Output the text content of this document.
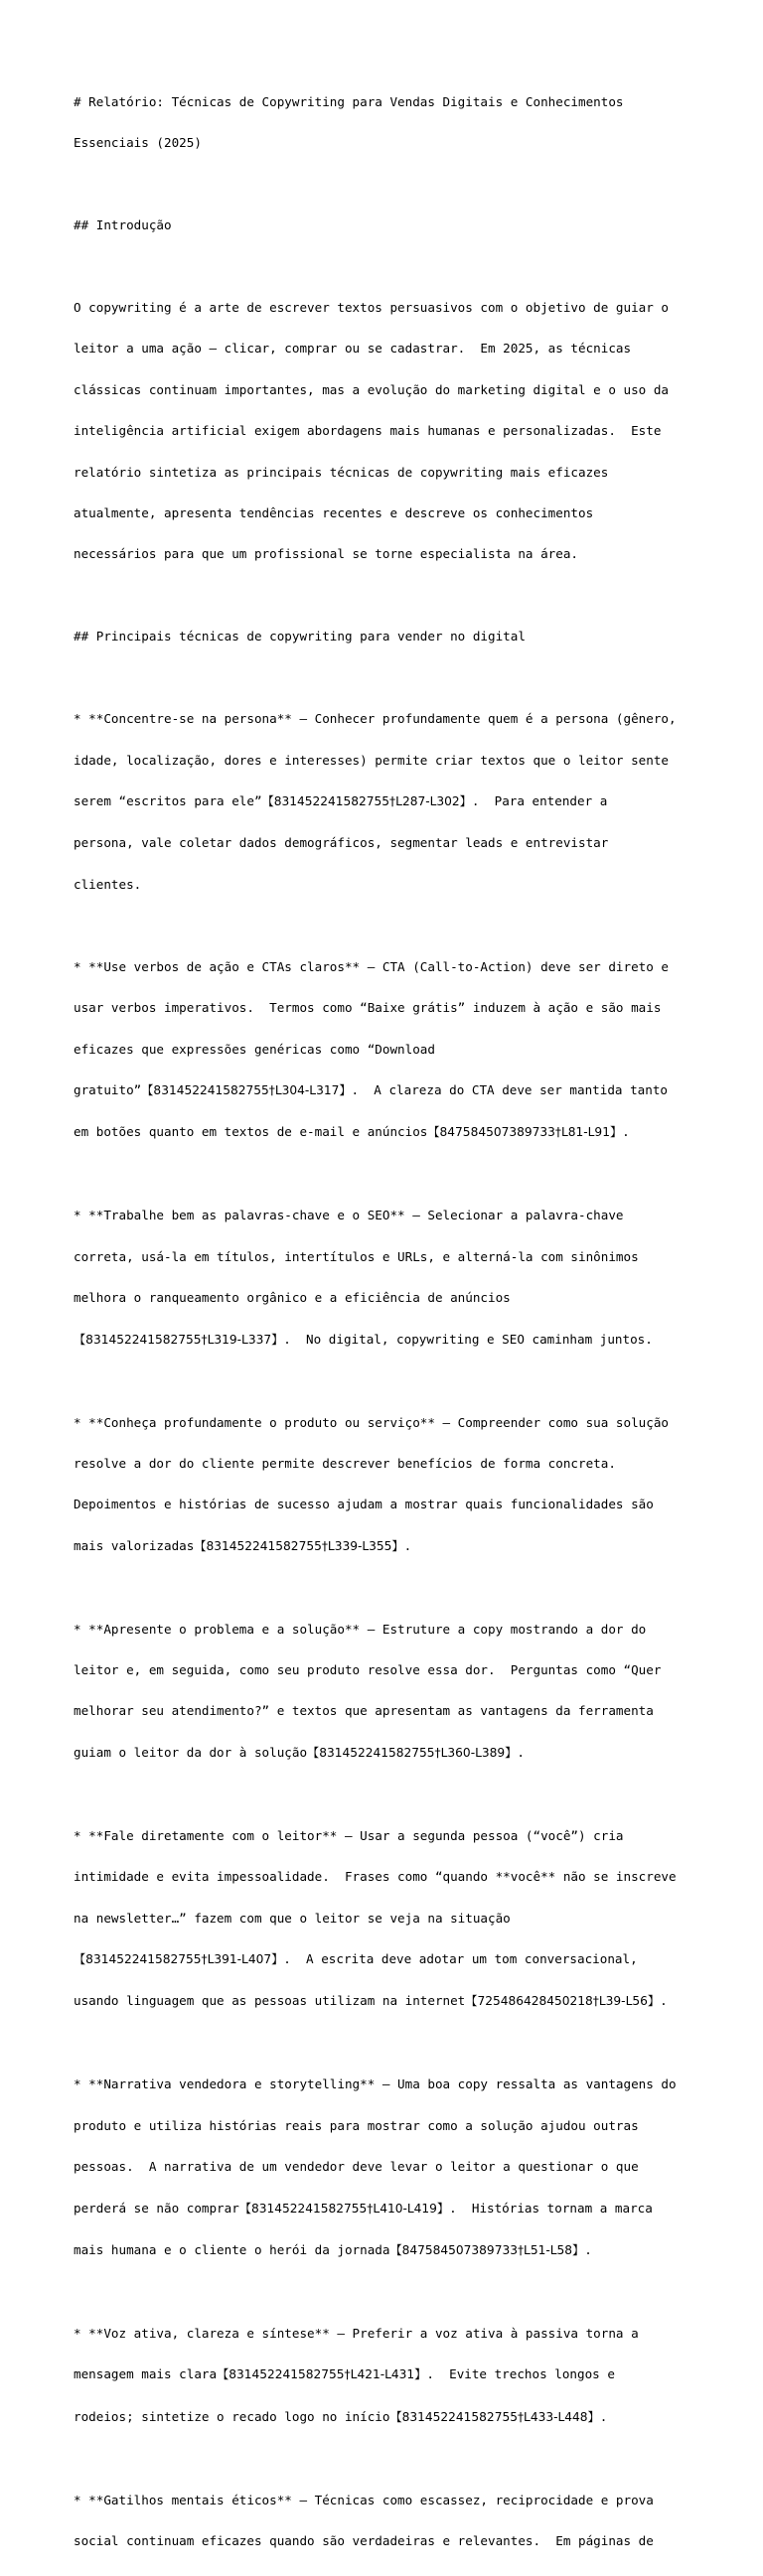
# Relatório: Técnicas de Copywriting para Vendas Digitais e Conhecimentos

Essenciais (2025)

## Introdução

O copywriting é a arte de escrever textos persuasivos com o objetivo de guiar o

leitor a uma ação – clicar, comprar ou se cadastrar.  Em 2025, as técnicas

clássicas continuam importantes, mas a evolução do marketing digital e o uso da

inteligência artificial exigem abordagens mais humanas e personalizadas.  Este

relatório sintetiza as principais técnicas de copywriting mais eficazes

atualmente, apresenta tendências recentes e descreve os conhecimentos

necessários para que um profissional se torne especialista na área.

## Principais técnicas de copywriting para vender no digital

* **Concentre-se na persona** – Conhecer profundamente quem é a persona (gênero,

idade, localização, dores e interesses) permite criar textos que o leitor sente

serem “escritos para ele”【831452241582755†L287-L302】.  Para entender a

persona, vale coletar dados demográficos, segmentar leads e entrevistar

clientes.

* **Use verbos de ação e CTAs claros** – CTA (Call-to-Action) deve ser direto e

usar verbos imperativos.  Termos como “Baixe grátis” induzem à ação e são mais

eficazes que expressões genéricas como “Download

gratuito”【831452241582755†L304-L317】.  A clareza do CTA deve ser mantida tanto

em botões quanto em textos de e-mail e anúncios【847584507389733†L81-L91】.

* **Trabalhe bem as palavras-chave e o SEO** – Selecionar a palavra-chave

correta, usá-la em títulos, intertítulos e URLs, e alterná-la com sinônimos

melhora o ranqueamento orgânico e a eficiência de anúncios

【831452241582755†L319-L337】.  No digital, copywriting e SEO caminham juntos.

* **Conheça profundamente o produto ou serviço** – Compreender como sua solução

resolve a dor do cliente permite descrever benefícios de forma concreta.

Depoimentos e histórias de sucesso ajudam a mostrar quais funcionalidades são

mais valorizadas【831452241582755†L339-L355】.

* **Apresente o problema e a solução** – Estruture a copy mostrando a dor do

leitor e, em seguida, como seu produto resolve essa dor.  Perguntas como “Quer

melhorar seu atendimento?” e textos que apresentam as vantagens da ferramenta

guiam o leitor da dor à solução【831452241582755†L360-L389】.

* **Fale diretamente com o leitor** – Usar a segunda pessoa (“você”) cria

intimidade e evita impessoalidade.  Frases como “quando **você** não se inscreve

na newsletter…” fazem com que o leitor se veja na situação

【831452241582755†L391-L407】.  A escrita deve adotar um tom conversacional,

usando linguagem que as pessoas utilizam na internet【725486428450218†L39-L56】.

* **Narrativa vendedora e storytelling** – Uma boa copy ressalta as vantagens do

produto e utiliza histórias reais para mostrar como a solução ajudou outras

pessoas.  A narrativa de um vendedor deve levar o leitor a questionar o que

perderá se não comprar【831452241582755†L410-L419】.  Histórias tornam a marca

mais humana e o cliente o herói da jornada【847584507389733†L51-L58】.

* **Voz ativa, clareza e síntese** – Preferir a voz ativa à passiva torna a

mensagem mais clara【831452241582755†L421-L431】.  Evite trechos longos e

rodeios; sintetize o recado logo no início【831452241582755†L433-L448】.

* **Gatilhos mentais éticos** – Técnicas como escassez, reciprocidade e prova

social continuam eficazes quando são verdadeiras e relevantes.  Em páginas de
